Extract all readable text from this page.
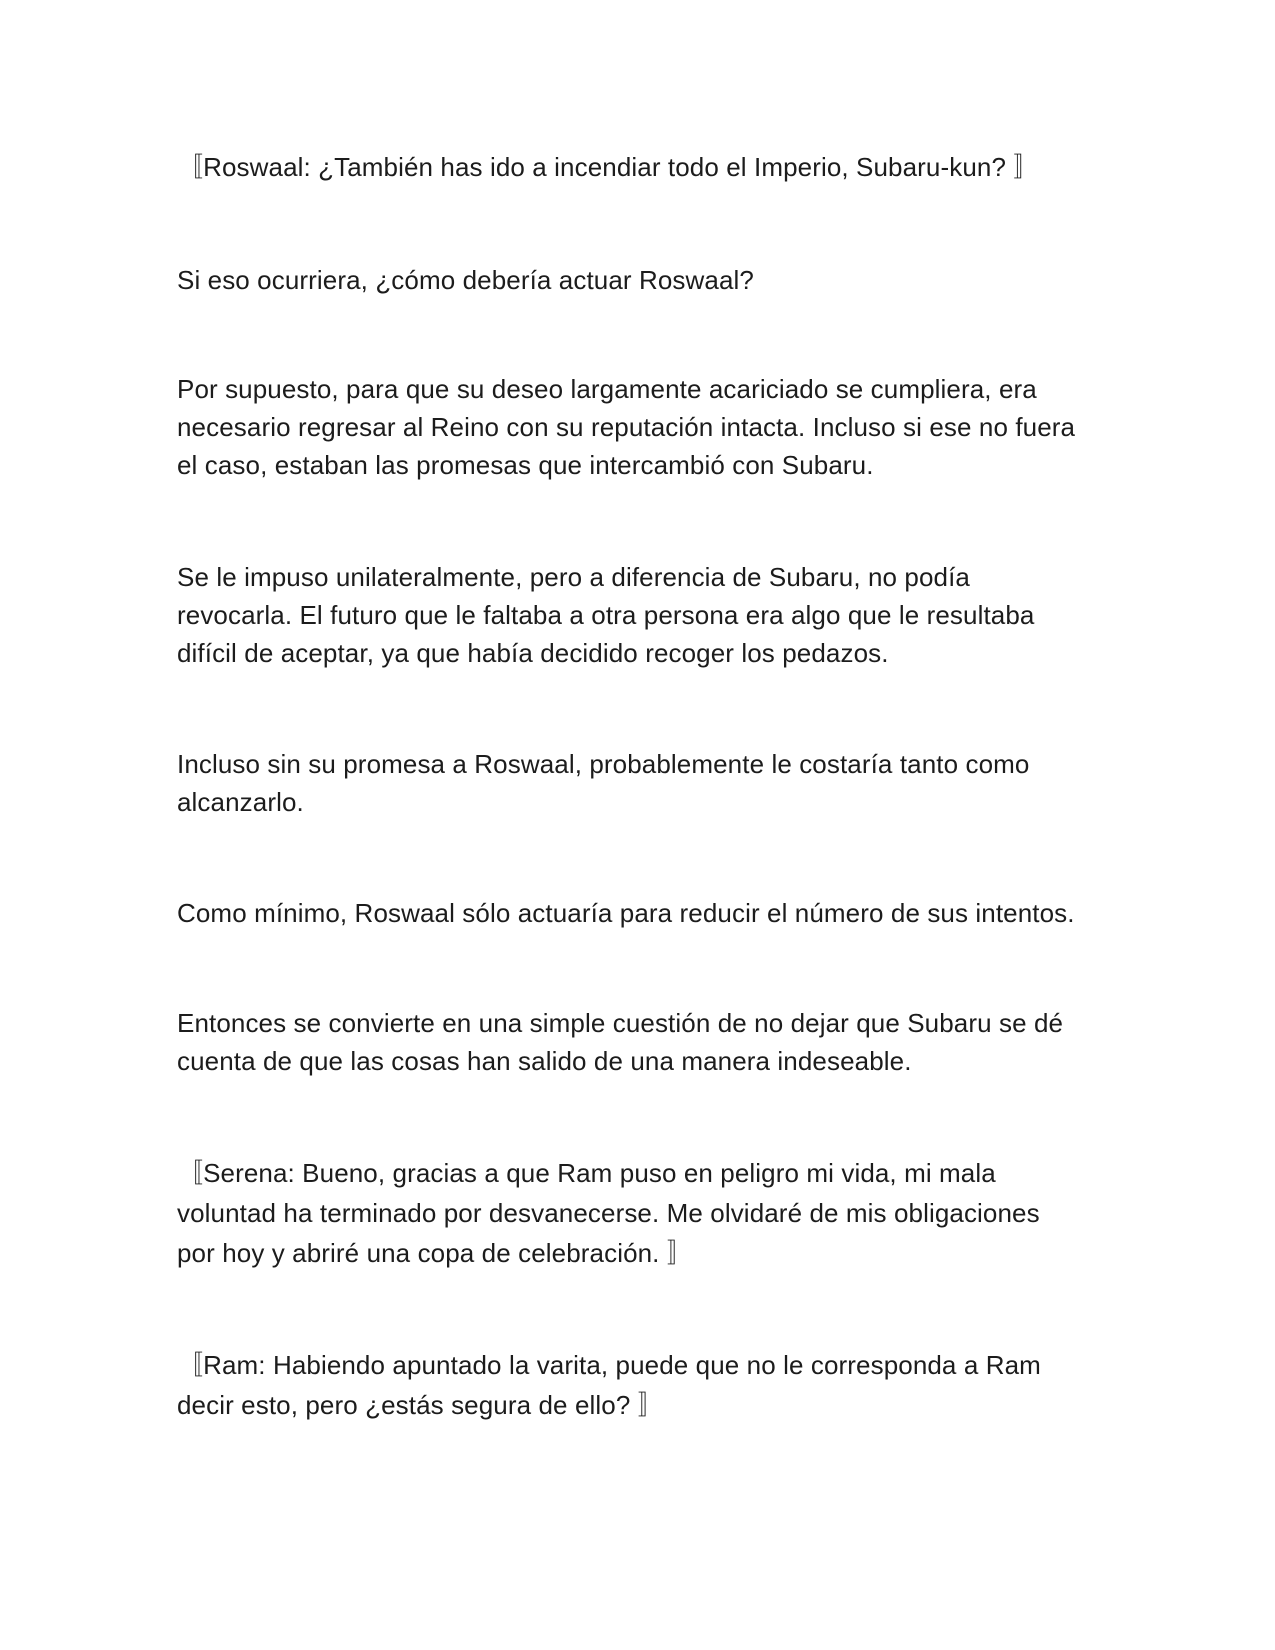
〚Roswaal: ¿También has ido a incendiar todo el Imperio, Subaru-kun? 〛

Si eso ocurriera, ¿cómo debería actuar Roswaal?

Por supuesto, para que su deseo largamente acariciado se cumpliera, era
necesario regresar al Reino con su reputación intacta. Incluso si ese no fuera
el caso, estaban las promesas que intercambió con Subaru.

Se le impuso unilateralmente, pero a diferencia de Subaru, no podía
revocarla. El futuro que le faltaba a otra persona era algo que le resultaba
difícil de aceptar, ya que había decidido recoger los pedazos.

Incluso sin su promesa a Roswaal, probablemente le costaría tanto como
alcanzarlo.

Como mínimo, Roswaal sólo actuaría para reducir el número de sus intentos.

Entonces se convierte en una simple cuestión de no dejar que Subaru se dé
cuenta de que las cosas han salido de una manera indeseable.

〚Serena: Bueno, gracias a que Ram puso en peligro mi vida, mi mala
voluntad ha terminado por desvanecerse. Me olvidaré de mis obligaciones
por hoy y abriré una copa de celebración. 〛

〚Ram: Habiendo apuntado la varita, puede que no le corresponda a Ram
decir esto, pero ¿estás segura de ello? 〛
